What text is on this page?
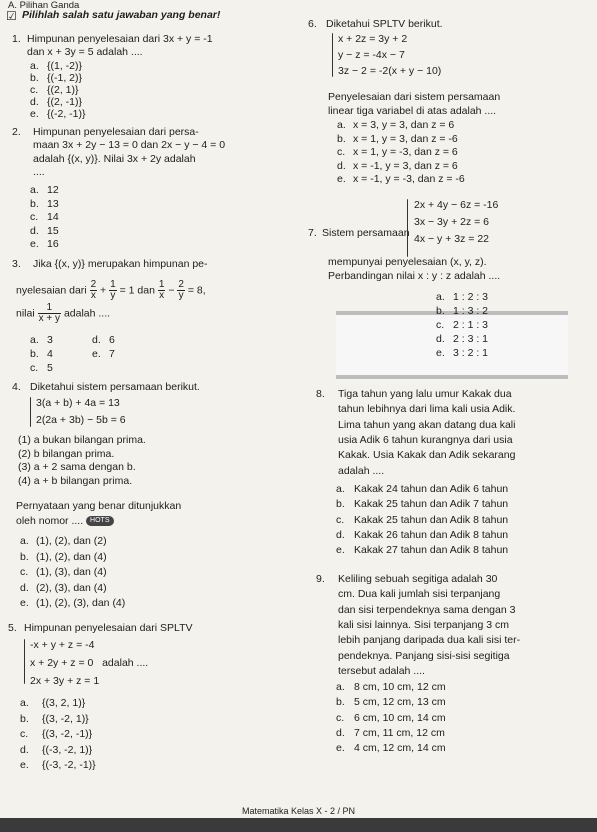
A. Pilihan Ganda
☑ Pilihlah salah satu jawaban yang benar!
1. Himpunan penyelesaian dari 3x + y = -1
dan x + 3y = 5 adalah ....
a. {(1, -2)}
b. {(-1, 2)}
c. {(2, 1)}
d. {(2, -1)}
e. {(-2, -1)}
2. Himpunan penyelesaian dari persa-
maan 3x + 2y − 13 = 0 dan 2x − y − 4 = 0
adalah {(x, y)}. Nilai 3x + 2y adalah
....
a. 12
b. 13
c. 14
d. 15
e. 16
3. Jika {(x, y)} merupakan himpunan pe-
nyelesaian dari $\frac{2}{x} + \frac{1}{y} = 1$ dan $\frac{1}{x} - \frac{2}{y} = 8$,
nilai $\frac{1}{x + y}$ adalah ....
a. 3
b. 4
c. 5
d. 6
e. 7
4. Diketahui sistem persamaan berikut.
3(a + b) + 4a = 13
2(2a + 3b) − 5b = 6
(1) a bukan bilangan prima.
(2) b bilangan prima.
(3) a + 2 sama dengan b.
(4) a + b bilangan prima.
Pernyataan yang benar ditunjukkan
oleh nomor .... HOTS
a. (1), (2), dan (2)
b. (1), (2), dan (4)
c. (1), (3), dan (4)
d. (2), (3), dan (4)
e. (1), (2), (3), dan (4)
5. Himpunan penyelesaian dari SPLTV
-x + y + z = -4
x + 2y + z = 0 adalah ....
2x + 3y + z = 1
a. {(3, 2, 1)}
b. {(3, -2, 1)}
c. {(3, -2, -1)}
d. {(-3, -2, 1)}
e. {(-3, -2, -1)}
6. Diketahui SPLTV berikut.
x + 2z = 3y + 2
y − z = -4x − 7
3z − 2 = -2(x + y − 10)
Penyelesaian dari sistem persamaan
linear tiga variabel di atas adalah ....
a. x = 3, y = 3, dan z = 6
b. x = 1, y = 3, dan z = -6
c. x = 1, y = -3, dan z = 6
d. x = -1, y = 3, dan z = 6
e. x = -1, y = -3, dan z = -6
7. Sistem persamaan
2x + 4y − 6z = -16
3x − 3y + 2z = 6
4x − y + 3z = 22
mempunyai penyelesaian (x, y, z).
Perbandingan nilai x : y : z adalah ....
a. 1 : 2 : 3
b. 1 : 3 : 2
c. 2 : 1 : 3
d. 2 : 3 : 1
e. 3 : 2 : 1
8. Tiga tahun yang lalu umur Kakak dua
tahun lebihnya dari lima kali usia Adik.
Lima tahun yang akan datang dua kali
usia Adik 6 tahun kurangnya dari usia
Kakak. Usia Kakak dan Adik sekarang
adalah ....
a. Kakak 24 tahun dan Adik 6 tahun
b. Kakak 25 tahun dan Adik 7 tahun
c. Kakak 25 tahun dan Adik 8 tahun
d. Kakak 26 tahun dan Adik 8 tahun
e. Kakak 27 tahun dan Adik 8 tahun
9. Keliling sebuah segitiga adalah 30
cm. Dua kali jumlah sisi terpanjang
dan sisi terpendeknya sama dengan 3
kali sisi lainnya. Sisi terpanjang 3 cm
lebih panjang daripada dua kali sisi ter-
pendeknya. Panjang sisi-sisi segitiga
tersebut adalah ....
a. 8 cm, 10 cm, 12 cm
b. 5 cm, 12 cm, 13 cm
c. 6 cm, 10 cm, 14 cm
d. 7 cm, 11 cm, 12 cm
e. 4 cm, 12 cm, 14 cm
Matematika Kelas X - 2 / PN
